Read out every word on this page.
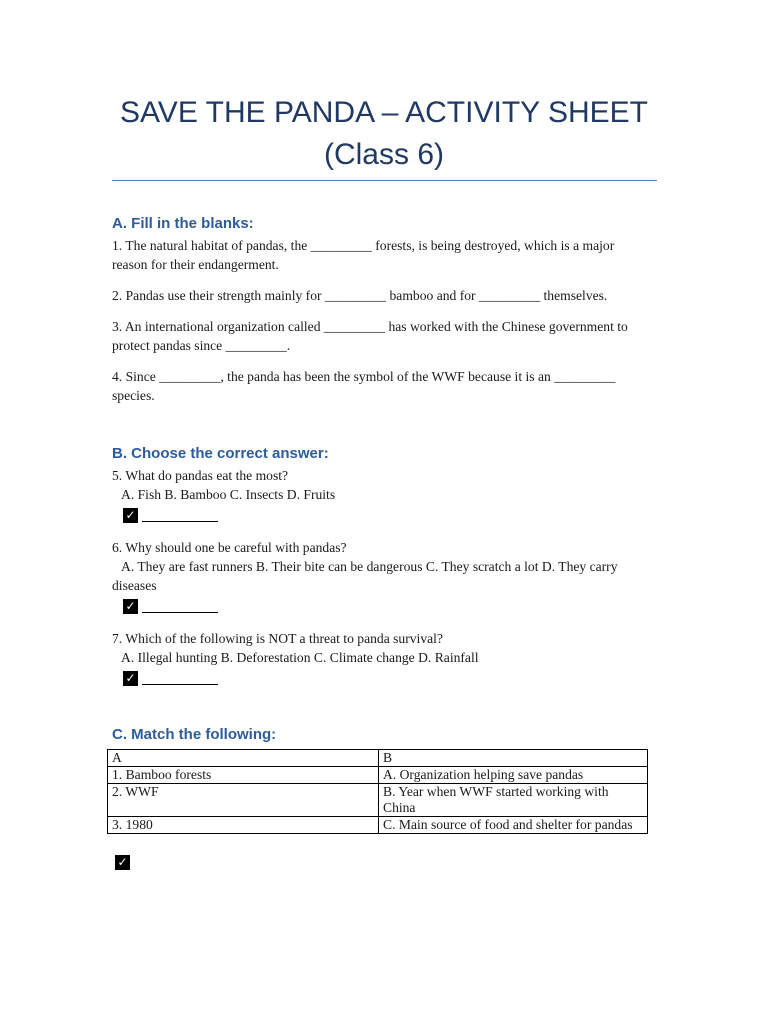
SAVE THE PANDA – ACTIVITY SHEET
(Class 6)
A. Fill in the blanks:

1. The natural habitat of pandas, the _________ forests, is being destroyed, which is a major reason for their endangerment.

2. Pandas use their strength mainly for _________ bamboo and for _________ themselves.

3. An international organization called _________ has worked with the Chinese government to protect pandas since _________.

4. Since _________, the panda has been the symbol of the WWF because it is an _________ species.

B. Choose the correct answer:
5. What do pandas eat the most?
A. Fish B. Bamboo C. Insects D. Fruits
✓
6. Why should one be careful with pandas?
A. They are fast runners B. Their bite can be dangerous C. They scratch a lot D. They carry diseases
✓
7. Which of the following is NOT a threat to panda survival?
A. Illegal hunting B. Deforestation C. Climate change D. Rainfall
✓
C. Match the following:
A	B
1. Bamboo forests	A. Organization helping save pandas
2. WWF	B. Year when WWF started working with China
3. 1980	C. Main source of food and shelter for pandas
✓
